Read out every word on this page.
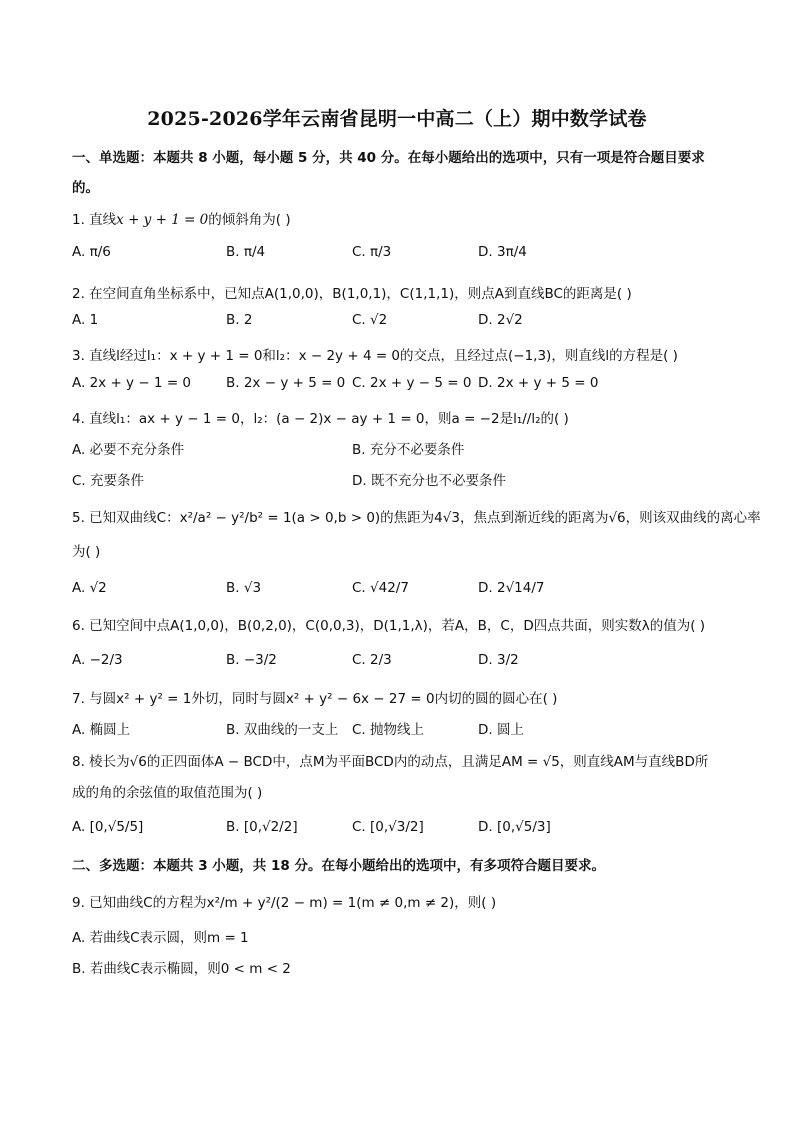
2025-2026学年云南省昆明一中高二（上）期中数学试卷
一、单选题：本题共 8 小题，每小题 5 分，共 40 分。在每小题给出的选项中，只有一项是符合题目要求
的。
1. 直线x + y + 1 = 0的倾斜角为( )
A. π/6	B. π/4	C. π/3	D. 3π/4
2. 在空间直角坐标系中，已知点A(1,0,0)，B(1,0,1)，C(1,1,1)，则点A到直线BC的距离是( )
A. 1	B. 2	C. √2	D. 2√2
3. 直线l经过l₁：x + y + 1 = 0和l₂：x − 2y + 4 = 0的交点，且经过点(−1,3)，则直线l的方程是( )
A. 2x + y − 1 = 0	B. 2x − y + 5 = 0 C. 2x + y − 5 = 0 D. 2x + y + 5 = 0
4. 直线l₁：ax + y − 1 = 0，l₂：(a − 2)x − ay + 1 = 0，则a = −2是l₁//l₂的( )
A. 必要不充分条件	B. 充分不必要条件
C. 充要条件	D. 既不充分也不必要条件
5. 已知双曲线C：x²/a² − y²/b² = 1(a > 0,b > 0)的焦距为4√3，焦点到渐近线的距离为√6，则该双曲线的离心率
为( )
A. √2	B. √3	C. √42/7	D. 2√14/7
6. 已知空间中点A(1,0,0)，B(0,2,0)，C(0,0,3)，D(1,1,λ)，若A，B，C，D四点共面，则实数λ的值为( )
A. −2/3	B. −3/2	C. 2/3	D. 3/2
7. 与圆x² + y² = 1外切，同时与圆x² + y² − 6x − 27 = 0内切的圆的圆心在( )
A. 椭圆上	B. 双曲线的一支上 C. 抛物线上	D. 圆上
8. 棱长为√6的正四面体A − BCD中，点M为平面BCD内的动点，且满足AM = √5，则直线AM与直线BD所
成的角的余弦值的取值范围为( )
A. [0,√5/5]	B. [0,√2/2]	C. [0,√3/2]	D. [0,√5/3]
二、多选题：本题共 3 小题，共 18 分。在每小题给出的选项中，有多项符合题目要求。
9. 已知曲线C的方程为x²/m + y²/(2 − m) = 1(m ≠ 0,m ≠ 2)，则( )
A. 若曲线C表示圆，则m = 1
B. 若曲线C表示椭圆，则0 < m < 2
